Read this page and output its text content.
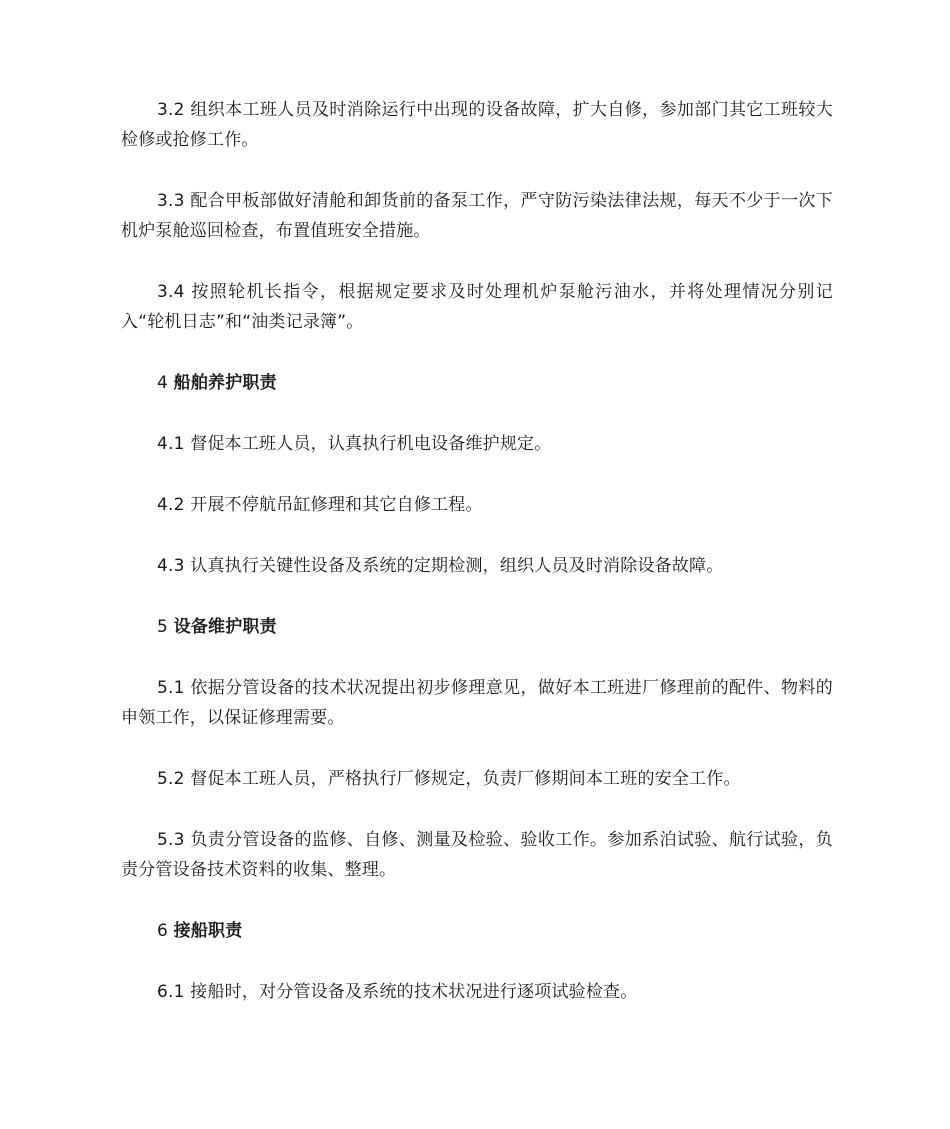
3.2 组织本工班人员及时消除运行中出现的设备故障，扩大自修，参加部门其它工班较大检修或抢修工作。

3.3 配合甲板部做好清舱和卸货前的备泵工作，严守防污染法律法规，每天不少于一次下机炉泵舱巡回检查，布置值班安全措施。

3.4 按照轮机长指令，根据规定要求及时处理机炉泵舱污油水，并将处理情况分别记入“轮机日志”和“油类记录簿”。

4 船舶养护职责

4.1 督促本工班人员，认真执行机电设备维护规定。

4.2 开展不停航吊缸修理和其它自修工程。

4.3 认真执行关键性设备及系统的定期检测，组织人员及时消除设备故障。

5 设备维护职责

5.1 依据分管设备的技术状况提出初步修理意见，做好本工班进厂修理前的配件、物料的申领工作，以保证修理需要。

5.2 督促本工班人员，严格执行厂修规定，负责厂修期间本工班的安全工作。

5.3 负责分管设备的监修、自修、测量及检验、验收工作。参加系泊试验、航行试验，负责分管设备技术资料的收集、整理。

6 接船职责

6.1 接船时，对分管设备及系统的技术状况进行逐项试验检查。
